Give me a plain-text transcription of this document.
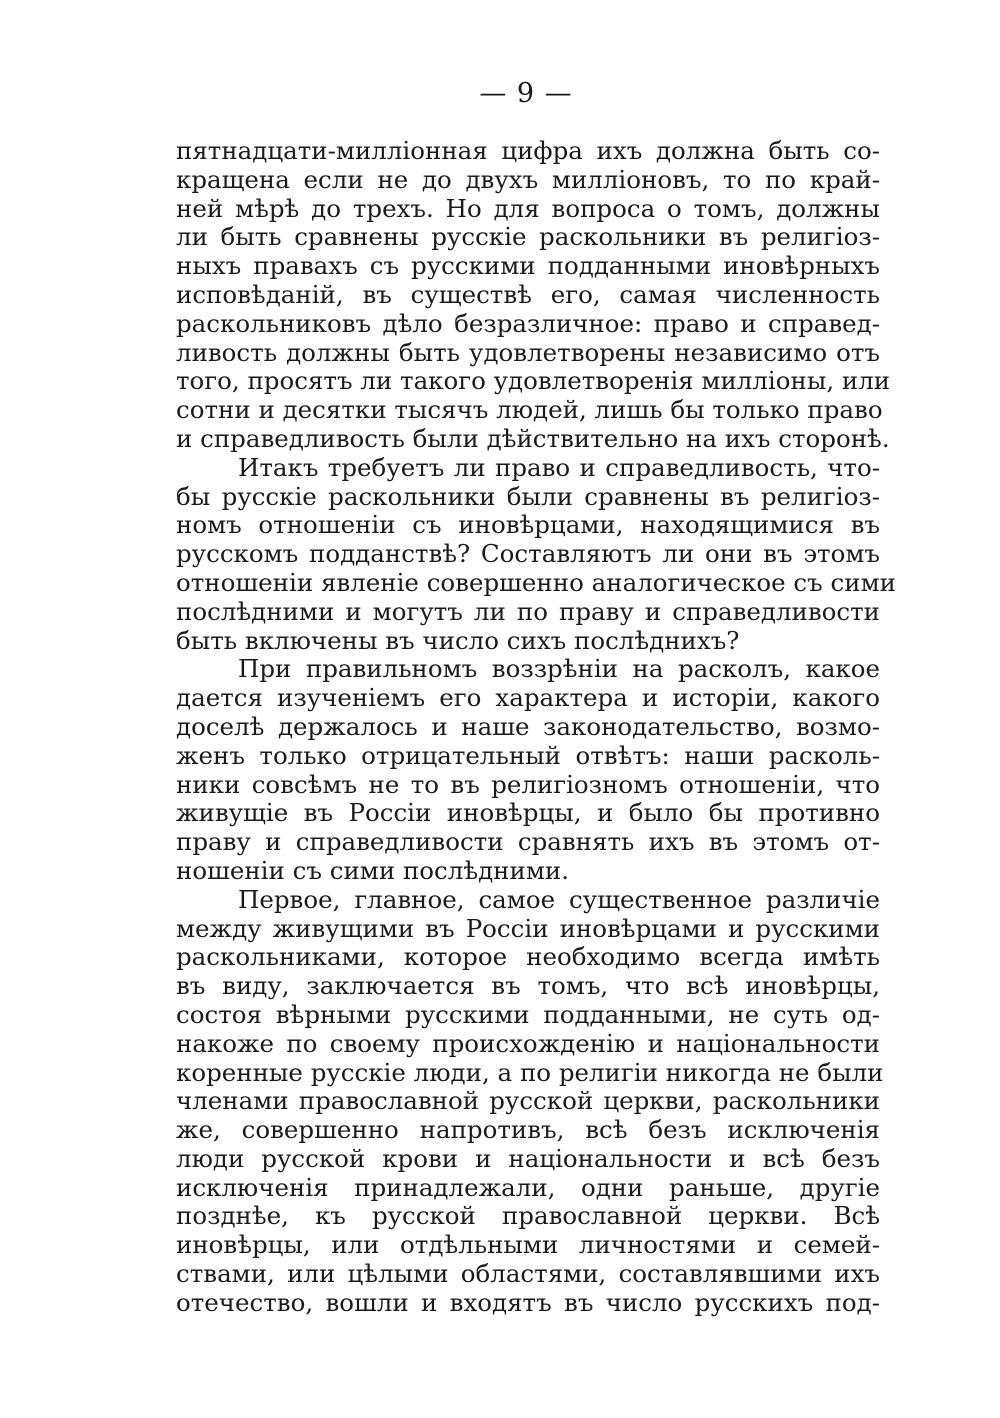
— 9 —
пятнадцати-миллiонная цифра ихъ должна быть со-
кращена если не до двухъ миллiоновъ, то по край-
ней мѣрѣ до трехъ. Но для вопроса о томъ, должны
ли быть сравнены русскiе раскольники въ религiоз-
ныхъ правахъ съ русскими подданными иновѣрныхъ
исповѣданiй, въ существѣ его, самая численность
раскольниковъ дѣло безразличное: право и справед-
ливость должны быть удовлетворены независимо отъ
того, просятъ ли такого удовлетворенiя миллiоны, или
сотни и десятки тысячъ людей, лишь бы только право
и справедливость были дѣйствительно на ихъ сторонѣ.
Итакъ требуетъ ли право и справедливость, что-
бы русскiе раскольники были сравнены въ религiоз-
номъ отношенiи съ иновѣрцами, находящимися въ
русскомъ подданствѣ? Составляютъ ли они въ этомъ
отношенiи явленiе совершенно аналогическое съ сими
послѣдними и могутъ ли по праву и справедливости
быть включены въ число сихъ послѣднихъ?
При правильномъ воззрѣнiи на расколъ, какое
дается изученiемъ его характера и исторiи, какого
доселѣ держалось и наше законодательство, возмо-
женъ только отрицательный отвѣтъ: наши расколь-
ники совсѣмъ не то въ религiозномъ отношенiи, что
живущiе въ Россiи иновѣрцы, и было бы противно
праву и справедливости сравнять ихъ въ этомъ от-
ношенiи съ сими послѣдними.
Первое, главное, самое существенное различiе
между живущими въ Россiи иновѣрцами и русскими
раскольниками, которое необходимо всегда имѣть
въ виду, заключается въ томъ, что всѣ иновѣрцы,
состоя вѣрными русскими подданными, не суть од-
накоже по своему происхожденiю и нацiональности
коренные русскiе люди, а по религiи никогда не были
членами православной русской церкви, раскольники
же, совершенно напротивъ, всѣ безъ исключенiя
люди русской крови и нацiональности и всѣ безъ
исключенiя принадлежали, одни раньше, другiе
позднѣе, къ русской православной церкви. Всѣ
иновѣрцы, или отдѣльными личностями и семей-
ствами, или цѣлыми областями, составлявшими ихъ
отечество, вошли и входятъ въ число русскихъ под-
